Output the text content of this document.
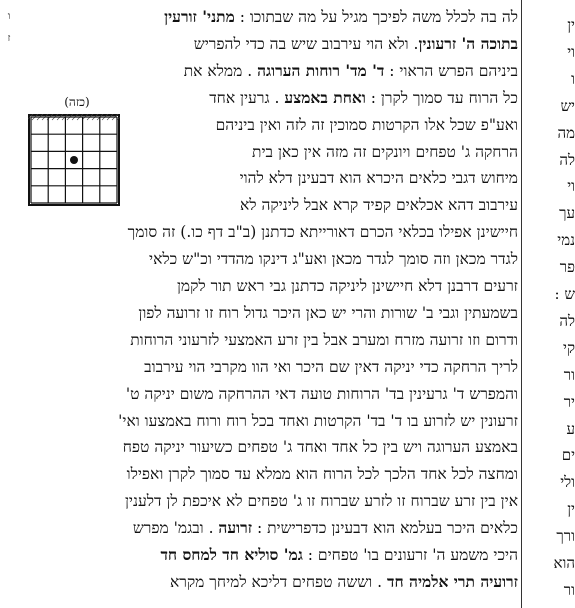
ו
ז
לה בה לכלל משה לפיכך מגיל על מה שבתוכו : מתני' זורעין
בתוכה ה' זרעונין. ולא הוי עירבוב שיש בה כדי להפריש
ביניהם הפרש הראוי : ד' מד' רוחות הערוגה . ממלא את
כל הרוח עד סמוך לקרן : ואחת באמצע . גרעין אחד
ואע"פ שכל אלו הקרטות סמוכין זה לזה ואין ביניהם
הרחקה ג' טפחים ויונקים זה מזה אין כאן בית
מיחוש דגבי כלאים היכרא הוא דבעינן דלא להוי
עירבוב דהא אכלאים קפיד קרא אבל ליניקה לא
חיישינן אפילו בכלאי הכרם דאורייתא כדתנן (ב"ב דף כו.) זה סומך
לגדר מכאן וזה סומך לגדר מכאן ואע"ג דינקו מהדדי וכ"ש כלאי
זרעים דרבנן דלא חיישינן ליניקה כדתנן גבי ראש תור לקמן
בשמעתין וגבי ב' שורות והרי יש כאן היכר גדול רוח זו זרועה לפון
ודרום וזו זרועה מזרח ומערב אבל בין זרע האמצעי לזרעוני הרוחות
לריך הרחקה כדי יניקה דאין שם היכר ואי הוו מקרבי הוי עירבוב
והמפרש ד' גרעינין בד' הרוחות טועה דאי ההרחקה משום יניקה ט'
זרעונין יש לזרוע בו ד' בד' הקרטות ואחד בכל רוח ורוח באמצעו ואי'
באמצע הערוגה ויש בין כל אחד ואחד ג' טפחים כשיעור יניקה טפח
ומחצה לכל אחד הלכך לכל הרוח הוא ממלא עד סמוך לקרן ואפילו
אין בין זרע שברוח זו לזרע שברוח זו ג' טפחים לא איכפת לן דלענין
כלאים היכר בעלמא הוא דבעינן כדפרישית : זרועה . ובגמ' מפרש
היכי משמע ה' זרעונים בו' טפחים : גמ' סוליא חד למחס חד
זרועיה תרי אלמיה חד . וששה טפחים דליכא למיחך מקרא
ין
וי
ו
יש
מה
לה
וי
עך
נמי
פר
ש :
לה
קי
ור
יר
ע
ים
ולי
ין
ורך
הוא
ור
(כזה)
